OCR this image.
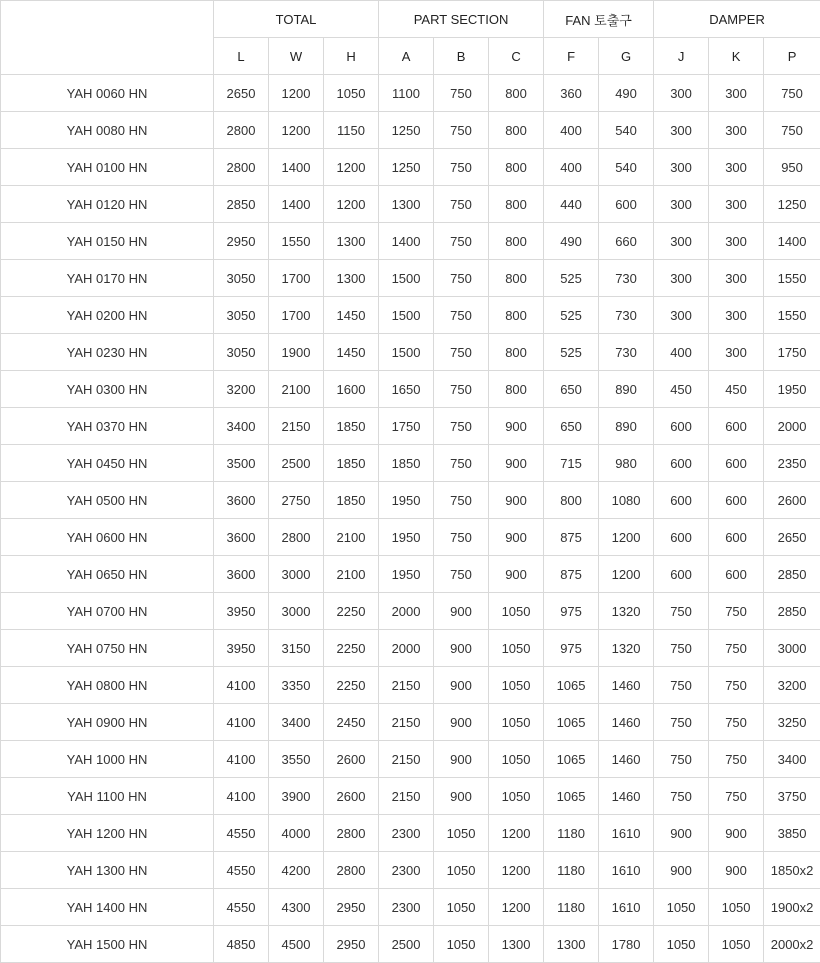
	TOTAL			PART SECTION			FAN 토출구		DAMPER		
	L	W	H	A	B	C	F	G	J	K	P
YAH 0060 HN	2650	1200	1050	1100	750	800	360	490	300	300	750
YAH 0080 HN	2800	1200	1150	1250	750	800	400	540	300	300	750
YAH 0100 HN	2800	1400	1200	1250	750	800	400	540	300	300	950
YAH 0120 HN	2850	1400	1200	1300	750	800	440	600	300	300	1250
YAH 0150 HN	2950	1550	1300	1400	750	800	490	660	300	300	1400
YAH 0170 HN	3050	1700	1300	1500	750	800	525	730	300	300	1550
YAH 0200 HN	3050	1700	1450	1500	750	800	525	730	300	300	1550
YAH 0230 HN	3050	1900	1450	1500	750	800	525	730	400	300	1750
YAH 0300 HN	3200	2100	1600	1650	750	800	650	890	450	450	1950
YAH 0370 HN	3400	2150	1850	1750	750	900	650	890	600	600	2000
YAH 0450 HN	3500	2500	1850	1850	750	900	715	980	600	600	2350
YAH 0500 HN	3600	2750	1850	1950	750	900	800	1080	600	600	2600
YAH 0600 HN	3600	2800	2100	1950	750	900	875	1200	600	600	2650
YAH 0650 HN	3600	3000	2100	1950	750	900	875	1200	600	600	2850
YAH 0700 HN	3950	3000	2250	2000	900	1050	975	1320	750	750	2850
YAH 0750 HN	3950	3150	2250	2000	900	1050	975	1320	750	750	3000
YAH 0800 HN	4100	3350	2250	2150	900	1050	1065	1460	750	750	3200
YAH 0900 HN	4100	3400	2450	2150	900	1050	1065	1460	750	750	3250
YAH 1000 HN	4100	3550	2600	2150	900	1050	1065	1460	750	750	3400
YAH 1100 HN	4100	3900	2600	2150	900	1050	1065	1460	750	750	3750
YAH 1200 HN	4550	4000	2800	2300	1050	1200	1180	1610	900	900	3850
YAH 1300 HN	4550	4200	2800	2300	1050	1200	1180	1610	900	900	1850x2
YAH 1400 HN	4550	4300	2950	2300	1050	1200	1180	1610	1050	1050	1900x2
YAH 1500 HN	4850	4500	2950	2500	1050	1300	1300	1780	1050	1050	2000x2
